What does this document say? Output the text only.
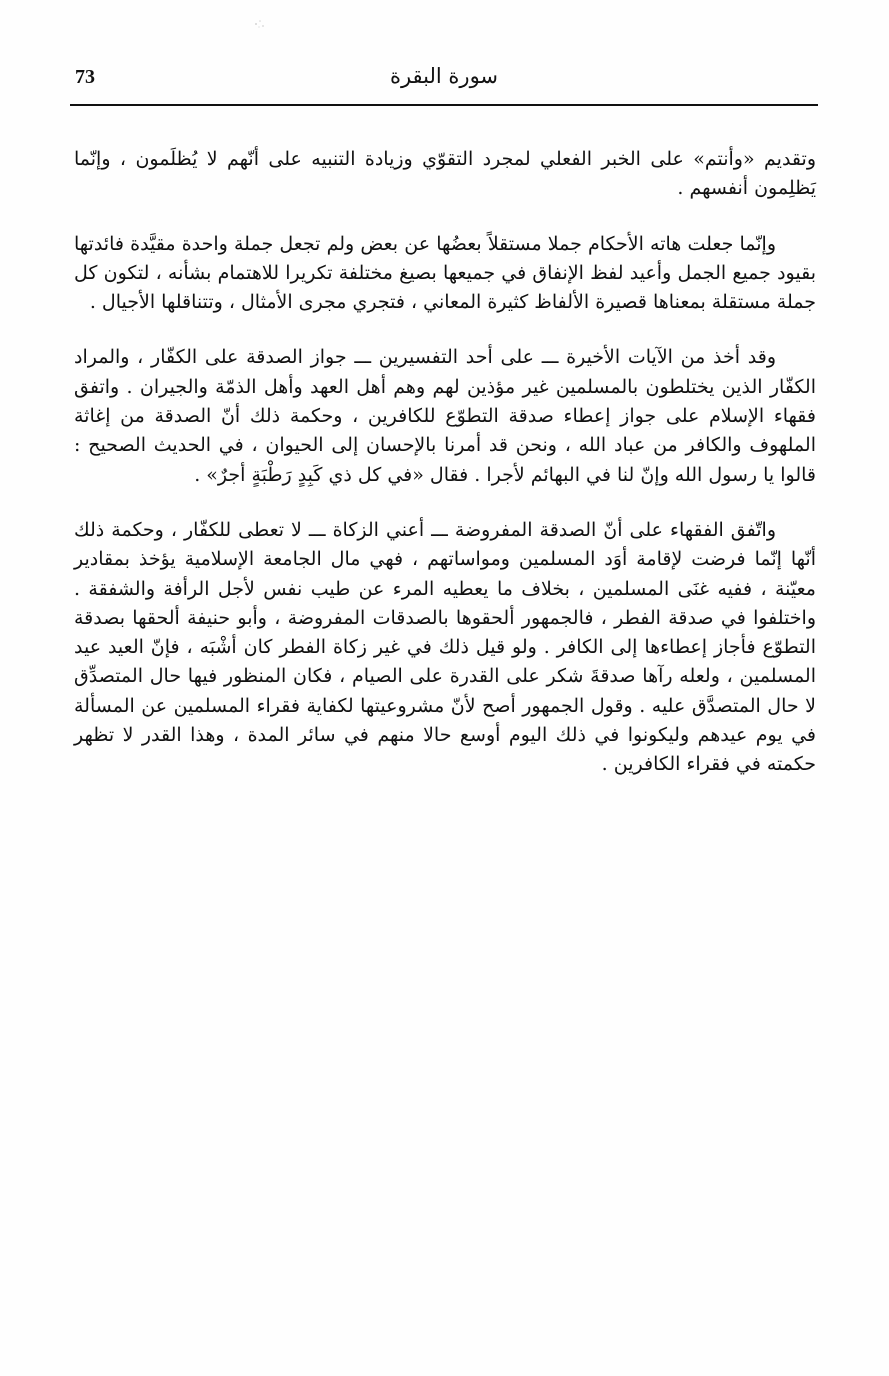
73	سورة البقرة

وتقديم «وأنتم» على الخبر الفعلي لمجرد التقوّي وزيادة التنبيه على أنّهم لا يُظلَمون ، وإنّما يَظلِمون أنفسهم .

وإنّما جعلت هاته الأحكام جملا مستقلاً بعضُها عن بعض ولم تجعل جملة واحدة مقيَّدة فائدتها بقيود جميع الجمل وأعيد لفظ الإنفاق في جميعها بصيغ مختلفة تكريرا للاهتمام بشأنه ، لتكون كل جملة مستقلة بمعناها قصيرة الألفاظ كثيرة المعاني ، فتجري مجرى الأمثال ، وتتناقلها الأجيال .

وقد أخذ من الآيات الأخيرة ـــ على أحد التفسيرين ـــ جواز الصدقة على الكفّار ، والمراد الكفّار الذين يختلطون بالمسلمين غير مؤذين لهم وهم أهل العهد وأهل الذمّة والجيران . واتفق فقهاء الإسلام على جواز إعطاء صدقة التطوّع للكافرين ، وحكمة ذلك أنّ الصدقة من إغاثة الملهوف والكافر من عباد الله ، ونحن قد أمرنا بالإحسان إلى الحيوان ، في الحديث الصحيح : قالوا يا رسول الله وإنّ لنا في البهائم لأجرا . فقال «في كل ذي كَبِدٍ رَطْبَةٍ أجرٌ» .

واتّفق الفقهاء على أنّ الصدقة المفروضة ـــ أعني الزكاة ـــ لا تعطى للكفّار ، وحكمة ذلك أنّها إنّما فرضت لإقامة أوَد المسلمين ومواساتهم ، فهي مال الجامعة الإسلامية يؤخذ بمقادير معيّنة ، ففيه غنَى المسلمين ، بخلاف ما يعطيه المرء عن طيب نفس لأجل الرأفة والشفقة . واختلفوا في صدقة الفطر ، فالجمهور ألحقوها بالصدقات المفروضة ، وأبو حنيفة ألحقها بصدقة التطوّع فأجاز إعطاءها إلى الكافر . ولو قيل ذلك في غير زكاة الفطر كان أشْبَه ، فإنّ العيد عيد المسلمين ، ولعله رآها صدقةَ شكر على القدرة على الصيام ، فكان المنظور فيها حال المتصدِّق لا حال المتصدَّق عليه . وقول الجمهور أصح لأنّ مشروعيتها لكفاية فقراء المسلمين عن المسألة في يوم عيدهم وليكونوا في ذلك اليوم أوسع حالا منهم في سائر المدة ، وهذا القدر لا تظهر حكمته في فقراء الكافرين .
